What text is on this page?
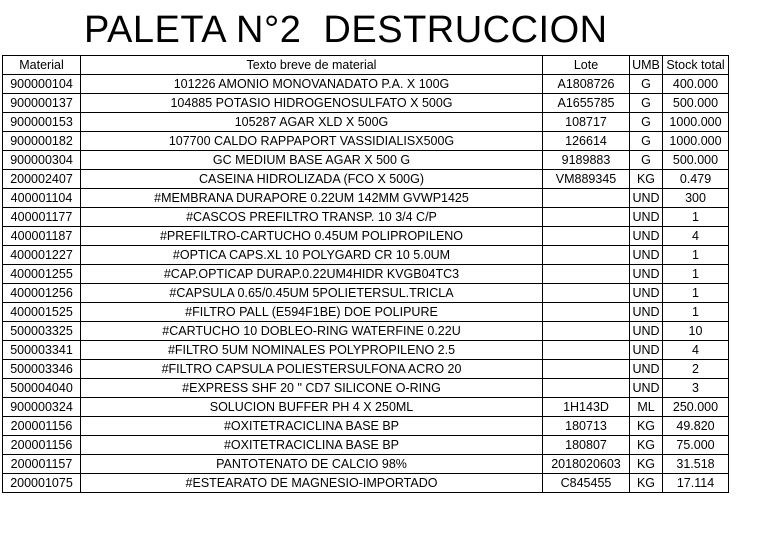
PALETA N°2  DESTRUCCION
Material	Texto breve de material	Lote	UMB	Stock total
900000104	101226 AMONIO MONOVANADATO P.A. X 100G	A1808726	G	400.000
900000137	104885 POTASIO HIDROGENOSULFATO X 500G	A1655785	G	500.000
900000153	105287 AGAR XLD X 500G	108717	G	1000.000
900000182	107700 CALDO RAPPAPORT VASSIDIALISX500G	126614	G	1000.000
900000304	GC MEDIUM BASE AGAR X 500 G	9189883	G	500.000
200002407	CASEINA HIDROLIZADA (FCO X 500G)	VM889345	KG	0.479
400001104	#MEMBRANA DURAPORE 0.22UM 142MM GVWP1425		UND	300
400001177	#CASCOS PREFILTRO TRANSP. 10 3/4 C/P		UND	1
400001187	#PREFILTRO-CARTUCHO 0.45UM POLIPROPILENO		UND	4
400001227	#OPTICA CAPS.XL 10 POLYGARD CR 10 5.0UM		UND	1
400001255	#CAP.OPTICAP DURAP.0.22UM4HIDR KVGB04TC3		UND	1
400001256	#CAPSULA 0.65/0.45UM 5POLIETERSUL.TRICLA		UND	1
400001525	#FILTRO PALL (E594F1BE) DOE POLIPURE		UND	1
500003325	#CARTUCHO 10 DOBLEO-RING WATERFINE 0.22U		UND	10
500003341	#FILTRO 5UM NOMINALES POLYPROPILENO 2.5		UND	4
500003346	#FILTRO CAPSULA POLIESTERSULFONA ACRO 20		UND	2
500004040	#EXPRESS SHF 20 " CD7 SILICONE O-RING		UND	3
900000324	SOLUCION BUFFER PH 4 X 250ML	1H143D	ML	250.000
200001156	#OXITETRACICLINA BASE BP	180713	KG	49.820
200001156	#OXITETRACICLINA BASE BP	180807	KG	75.000
200001157	PANTOTENATO DE CALCIO 98%	2018020603	KG	31.518
200001075	#ESTEARATO DE MAGNESIO-IMPORTADO	C845455	KG	17.114
